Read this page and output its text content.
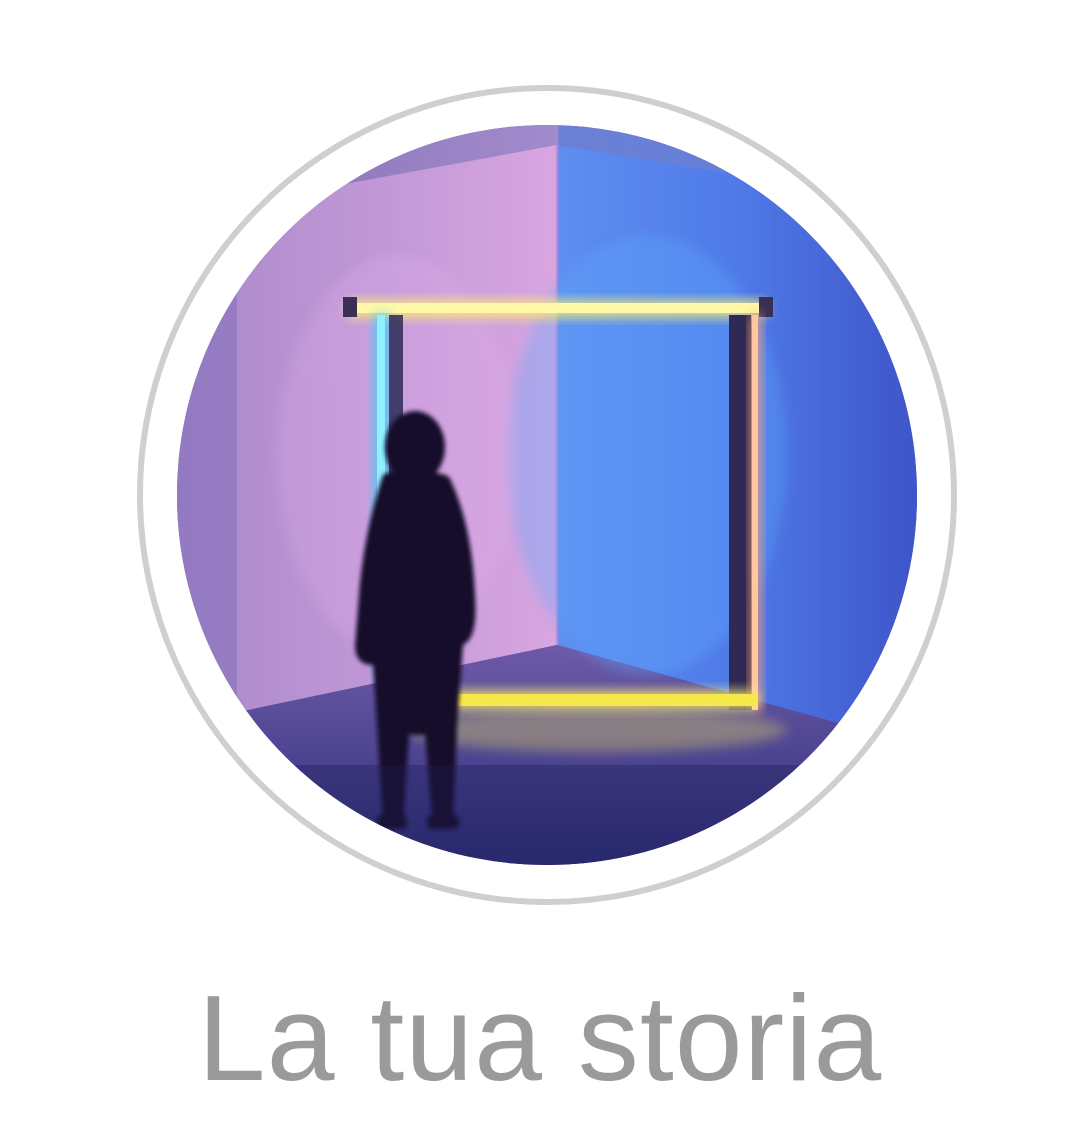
La tua storia
